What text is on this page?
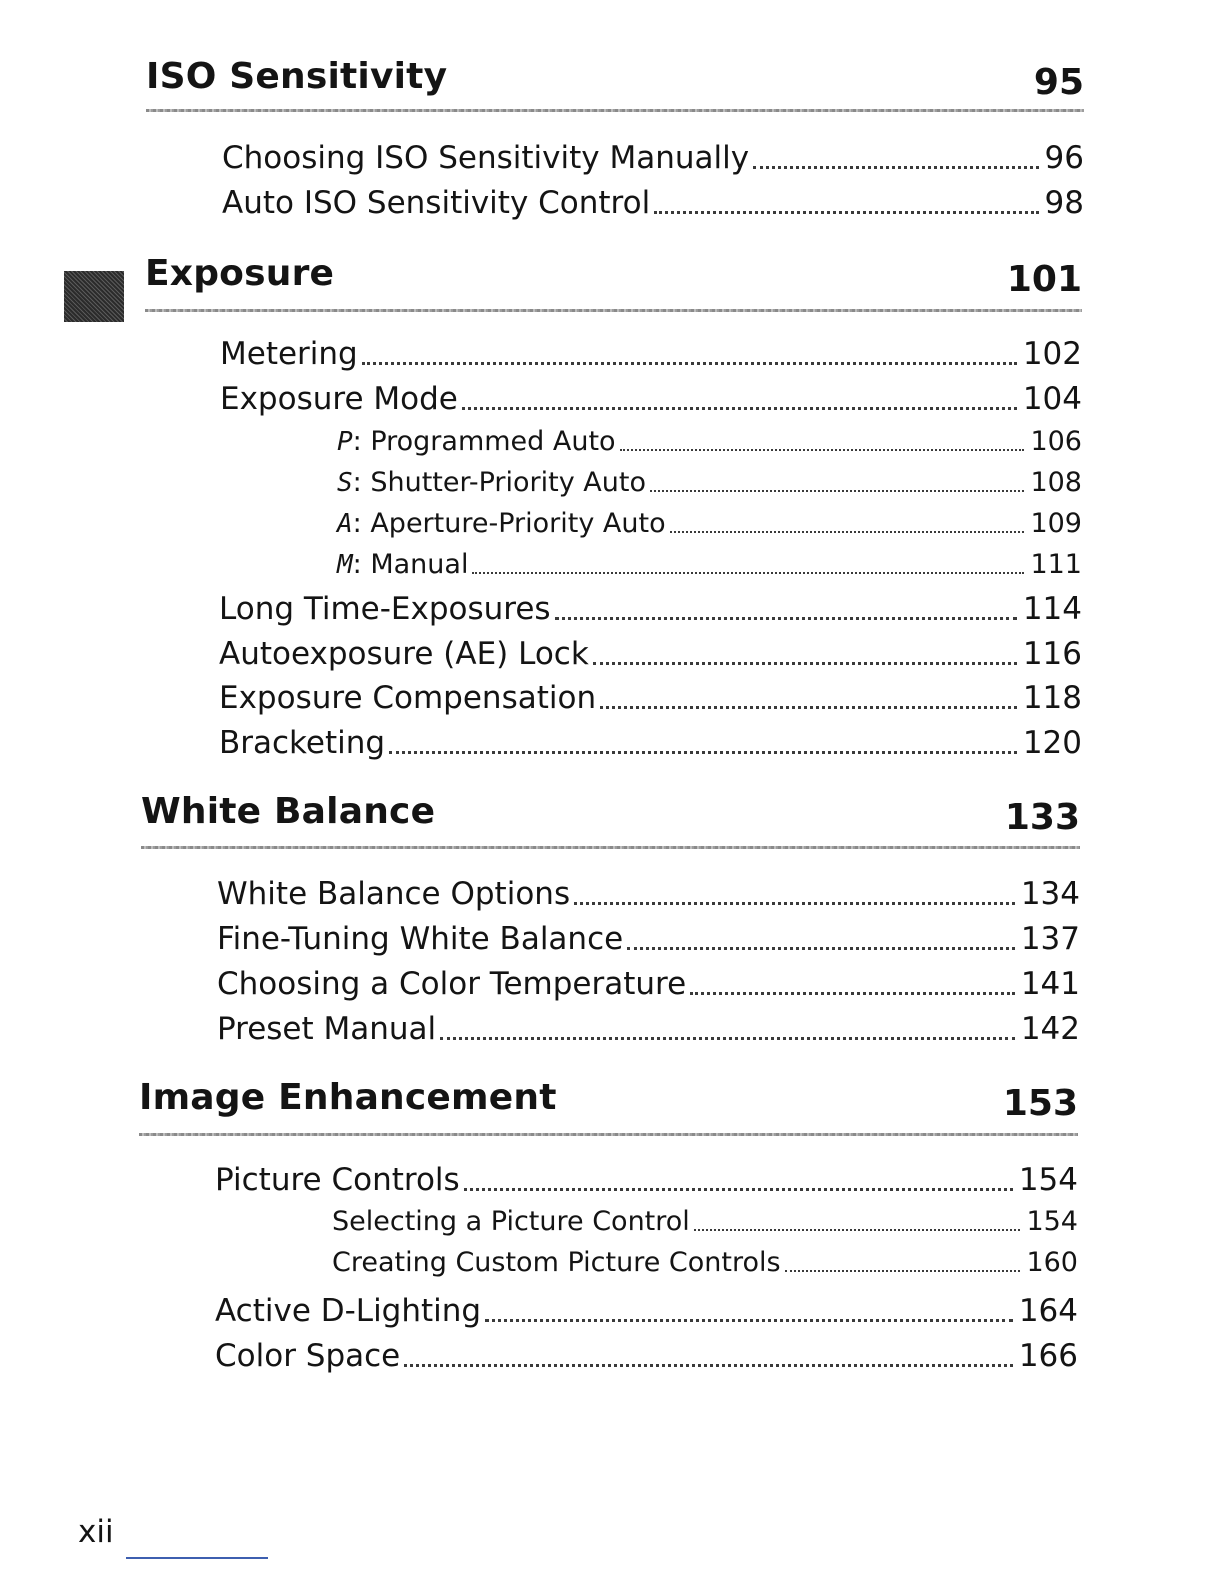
ISO Sensitivity	95
Choosing ISO Sensitivity Manually	96
Auto ISO Sensitivity Control	98
Exposure	101
Metering	102
Exposure Mode	104
P: Programmed Auto	106
S: Shutter-Priority Auto	108
A: Aperture-Priority Auto	109
M: Manual	111
Long Time-Exposures	114
Autoexposure (AE) Lock	116
Exposure Compensation	118
Bracketing	120
White Balance	133
White Balance Options	134
Fine-Tuning White Balance	137
Choosing a Color Temperature	141
Preset Manual	142
Image Enhancement	153
Picture Controls	154
Selecting a Picture Control	154
Creating Custom Picture Controls	160
Active D-Lighting	164
Color Space	166
xii
